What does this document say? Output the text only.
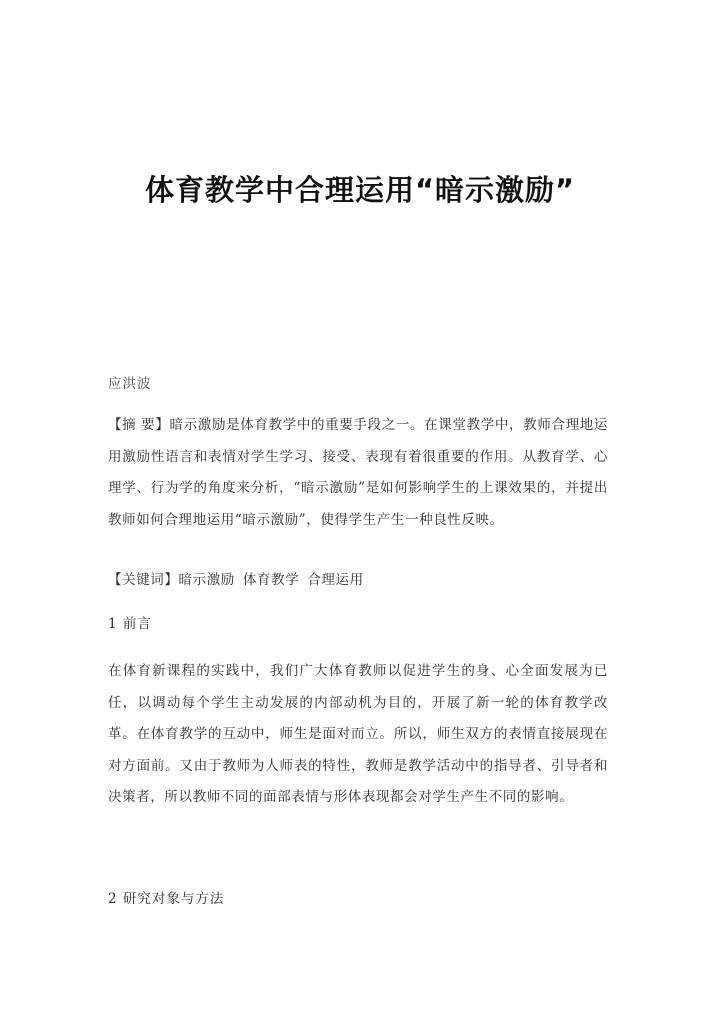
体育教学中合理运用“暗示激励”
应洪波
【摘 要】暗示激励是体育教学中的重要手段之一。在课堂教学中，教师合理地运用激励性语言和表情对学生学习、接受、表现有着很重要的作用。从教育学、心理学、行为学的角度来分析，“暗示激励”是如何影响学生的上课效果的，并提出教师如何合理地运用“暗示激励”，使得学生产生一种良性反映。
【关键词】暗示激励 体育教学 合理运用
1 前言
在体育新课程的实践中，我们广大体育教师以促进学生的身、心全面发展为已任，以调动每个学生主动发展的内部动机为目的，开展了新一轮的体育教学改革。在体育教学的互动中，师生是面对而立。所以，师生双方的表情直接展现在对方面前。又由于教师为人师表的特性，教师是教学活动中的指导者、引导者和决策者，所以教师不同的面部表情与形体表现都会对学生产生不同的影响。
2 研究对象与方法
